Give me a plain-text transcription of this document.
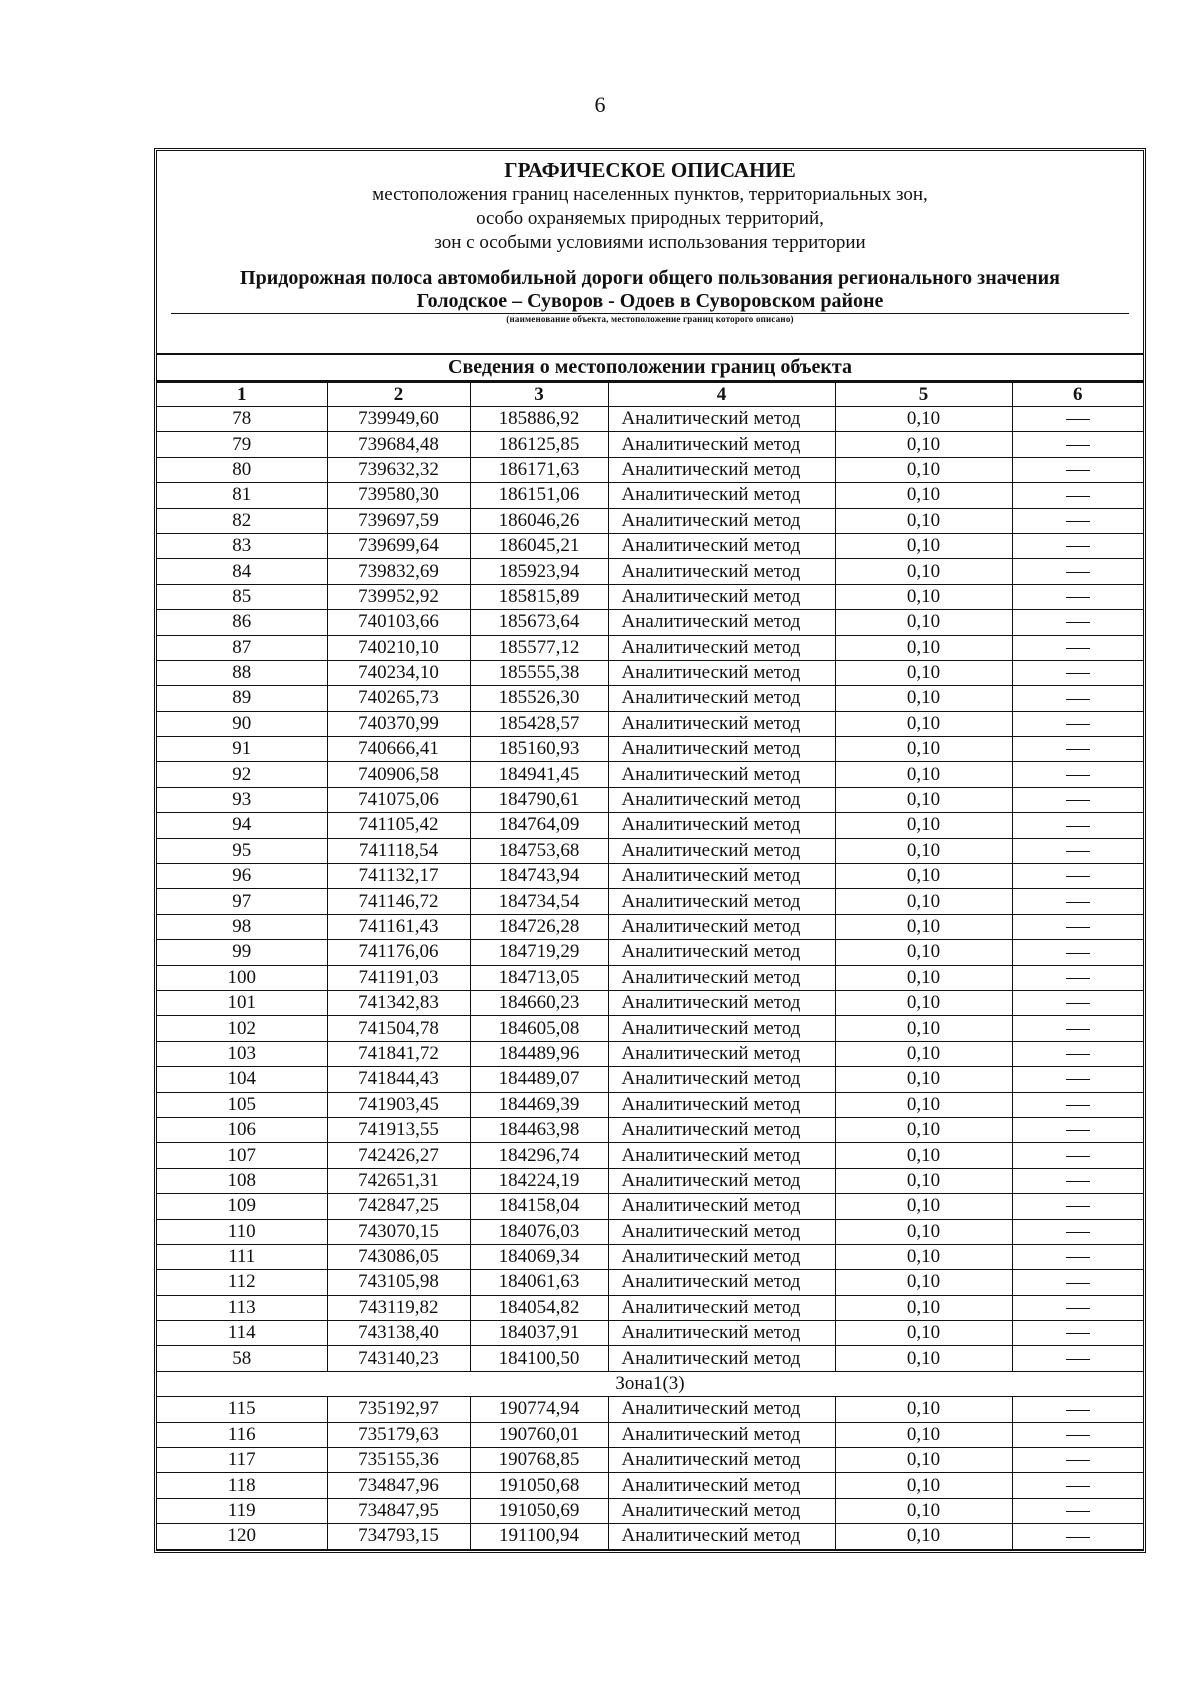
6
ГРАФИЧЕСКОЕ ОПИСАНИЕ
местоположения границ населенных пунктов, территориальных зон,
особо охраняемых природных территорий,
зон с особыми условиями использования территории
Придорожная полоса автомобильной дороги общего пользования регионального значения
Голодское – Суворов - Одоев в Суворовском районе
(наименование объекта, местоположение границ которого описано)
Сведения о местоположении границ объекта
1	2	3	4	5	6
78	739949,60	185886,92	Аналитический метод	0,10	
79	739684,48	186125,85	Аналитический метод	0,10	
80	739632,32	186171,63	Аналитический метод	0,10	
81	739580,30	186151,06	Аналитический метод	0,10	
82	739697,59	186046,26	Аналитический метод	0,10	
83	739699,64	186045,21	Аналитический метод	0,10	
84	739832,69	185923,94	Аналитический метод	0,10	
85	739952,92	185815,89	Аналитический метод	0,10	
86	740103,66	185673,64	Аналитический метод	0,10	
87	740210,10	185577,12	Аналитический метод	0,10	
88	740234,10	185555,38	Аналитический метод	0,10	
89	740265,73	185526,30	Аналитический метод	0,10	
90	740370,99	185428,57	Аналитический метод	0,10	
91	740666,41	185160,93	Аналитический метод	0,10	
92	740906,58	184941,45	Аналитический метод	0,10	
93	741075,06	184790,61	Аналитический метод	0,10	
94	741105,42	184764,09	Аналитический метод	0,10	
95	741118,54	184753,68	Аналитический метод	0,10	
96	741132,17	184743,94	Аналитический метод	0,10	
97	741146,72	184734,54	Аналитический метод	0,10	
98	741161,43	184726,28	Аналитический метод	0,10	
99	741176,06	184719,29	Аналитический метод	0,10	
100	741191,03	184713,05	Аналитический метод	0,10	
101	741342,83	184660,23	Аналитический метод	0,10	
102	741504,78	184605,08	Аналитический метод	0,10	
103	741841,72	184489,96	Аналитический метод	0,10	
104	741844,43	184489,07	Аналитический метод	0,10	
105	741903,45	184469,39	Аналитический метод	0,10	
106	741913,55	184463,98	Аналитический метод	0,10	
107	742426,27	184296,74	Аналитический метод	0,10	
108	742651,31	184224,19	Аналитический метод	0,10	
109	742847,25	184158,04	Аналитический метод	0,10	
110	743070,15	184076,03	Аналитический метод	0,10	
111	743086,05	184069,34	Аналитический метод	0,10	
112	743105,98	184061,63	Аналитический метод	0,10	
113	743119,82	184054,82	Аналитический метод	0,10	
114	743138,40	184037,91	Аналитический метод	0,10	
58	743140,23	184100,50	Аналитический метод	0,10	
Зона1(3)					
115	735192,97	190774,94	Аналитический метод	0,10	
116	735179,63	190760,01	Аналитический метод	0,10	
117	735155,36	190768,85	Аналитический метод	0,10	
118	734847,96	191050,68	Аналитический метод	0,10	
119	734847,95	191050,69	Аналитический метод	0,10	
120	734793,15	191100,94	Аналитический метод	0,10	
